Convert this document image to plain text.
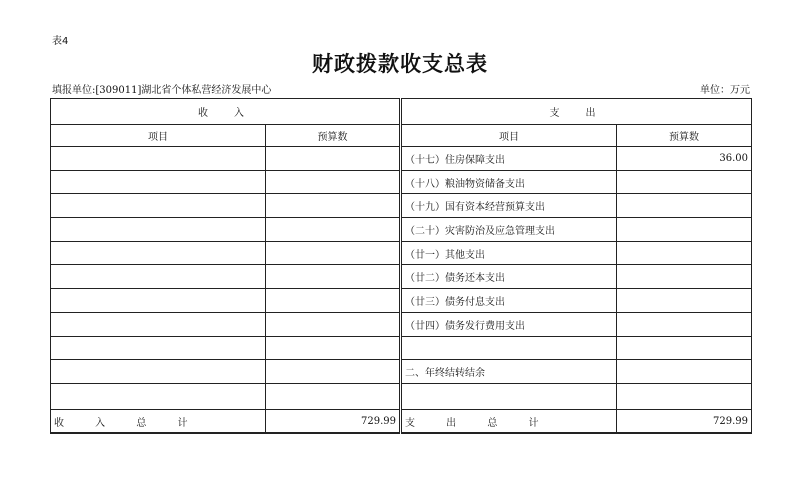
表4
财政拨款收支总表
填报单位:[309011]湖北省个体私营经济发展中心	单位：万元
收　入		支　出	
项目	预算数	项目	预算数
		（十七）住房保障支出	36.00
		（十八）粮油物资储备支出	
		（十九）国有资本经营预算支出	
		（二十）灾害防治及应急管理支出	
		（廿一）其他支出	
		（廿二）债务还本支出	
		（廿三）债务付息支出	
		（廿四）债务发行费用支出	

		二、年终结转结余	

收 入 总 计	729.99	支 出 总 计	729.99
